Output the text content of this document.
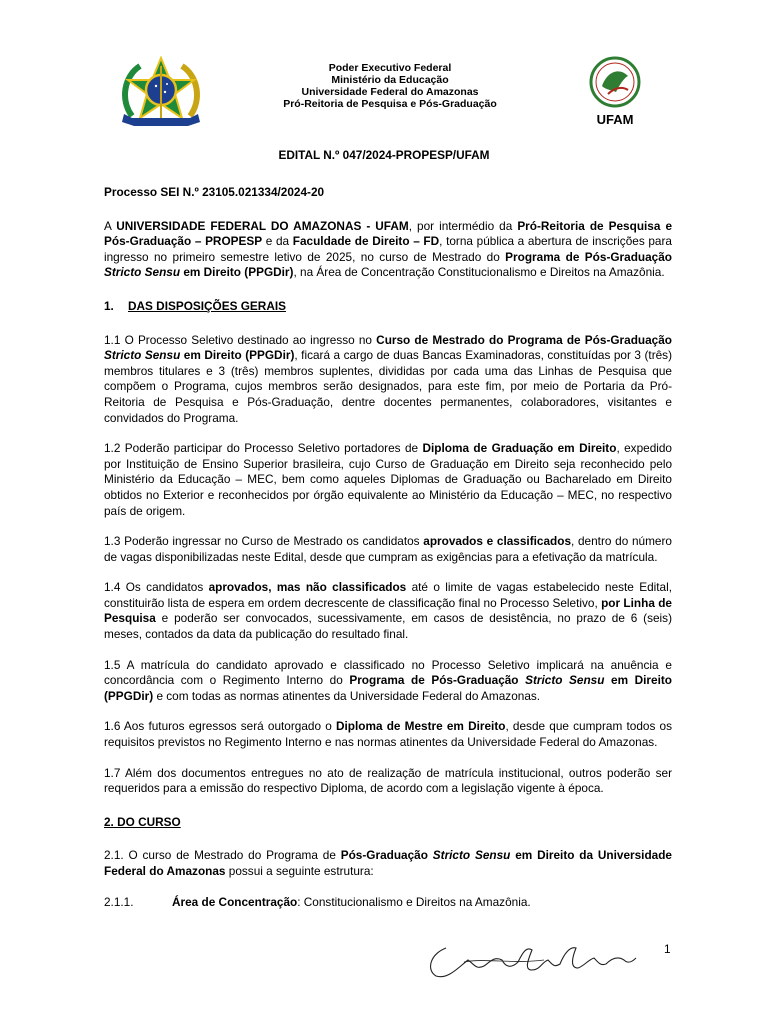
Poder Executivo Federal
Ministério da Educação
Universidade Federal do Amazonas
Pró-Reitoria de Pesquisa e Pós-Graduação
UFAM
EDITAL N.º 047/2024-PROPESP/UFAM

Processo SEI N.º 23105.021334/2024-20

A UNIVERSIDADE FEDERAL DO AMAZONAS - UFAM, por intermédio da Pró-Reitoria de Pesquisa e Pós-Graduação – PROPESP e da Faculdade de Direito – FD, torna pública a abertura de inscrições para ingresso no primeiro semestre letivo de 2025, no curso de Mestrado do Programa de Pós-Graduação Stricto Sensu em Direito (PPGDir), na Área de Concentração Constitucionalismo e Direitos na Amazônia.

1. DAS DISPOSIÇÕES GERAIS

1.1 O Processo Seletivo destinado ao ingresso no Curso de Mestrado do Programa de Pós-Graduação Stricto Sensu em Direito (PPGDir), ficará a cargo de duas Bancas Examinadoras, constituídas por 3 (três) membros titulares e 3 (três) membros suplentes, divididas por cada uma das Linhas de Pesquisa que compõem o Programa, cujos membros serão designados, para este fim, por meio de Portaria da Pró-Reitoria de Pesquisa e Pós-Graduação, dentre docentes permanentes, colaboradores, visitantes e convidados do Programa.

1.2 Poderão participar do Processo Seletivo portadores de Diploma de Graduação em Direito, expedido por Instituição de Ensino Superior brasileira, cujo Curso de Graduação em Direito seja reconhecido pelo Ministério da Educação – MEC, bem como aqueles Diplomas de Graduação ou Bacharelado em Direito obtidos no Exterior e reconhecidos por órgão equivalente ao Ministério da Educação – MEC, no respectivo país de origem.

1.3 Poderão ingressar no Curso de Mestrado os candidatos aprovados e classificados, dentro do número de vagas disponibilizadas neste Edital, desde que cumpram as exigências para a efetivação da matrícula.

1.4 Os candidatos aprovados, mas não classificados até o limite de vagas estabelecido neste Edital, constituirão lista de espera em ordem decrescente de classificação final no Processo Seletivo, por Linha de Pesquisa e poderão ser convocados, sucessivamente, em casos de desistência, no prazo de 6 (seis) meses, contados da data da publicação do resultado final.

1.5 A matrícula do candidato aprovado e classificado no Processo Seletivo implicará na anuência e concordância com o Regimento Interno do Programa de Pós-Graduação Stricto Sensu em Direito (PPGDir) e com todas as normas atinentes da Universidade Federal do Amazonas.

1.6 Aos futuros egressos será outorgado o Diploma de Mestre em Direito, desde que cumpram todos os requisitos previstos no Regimento Interno e nas normas atinentes da Universidade Federal do Amazonas.

1.7 Além dos documentos entregues no ato de realização de matrícula institucional, outros poderão ser requeridos para a emissão do respectivo Diploma, de acordo com a legislação vigente à época.

2. DO CURSO

2.1. O curso de Mestrado do Programa de Pós-Graduação Stricto Sensu em Direito da Universidade Federal do Amazonas possui a seguinte estrutura:

2.1.1.	Área de Concentração: Constitucionalismo e Direitos na Amazônia.

1
